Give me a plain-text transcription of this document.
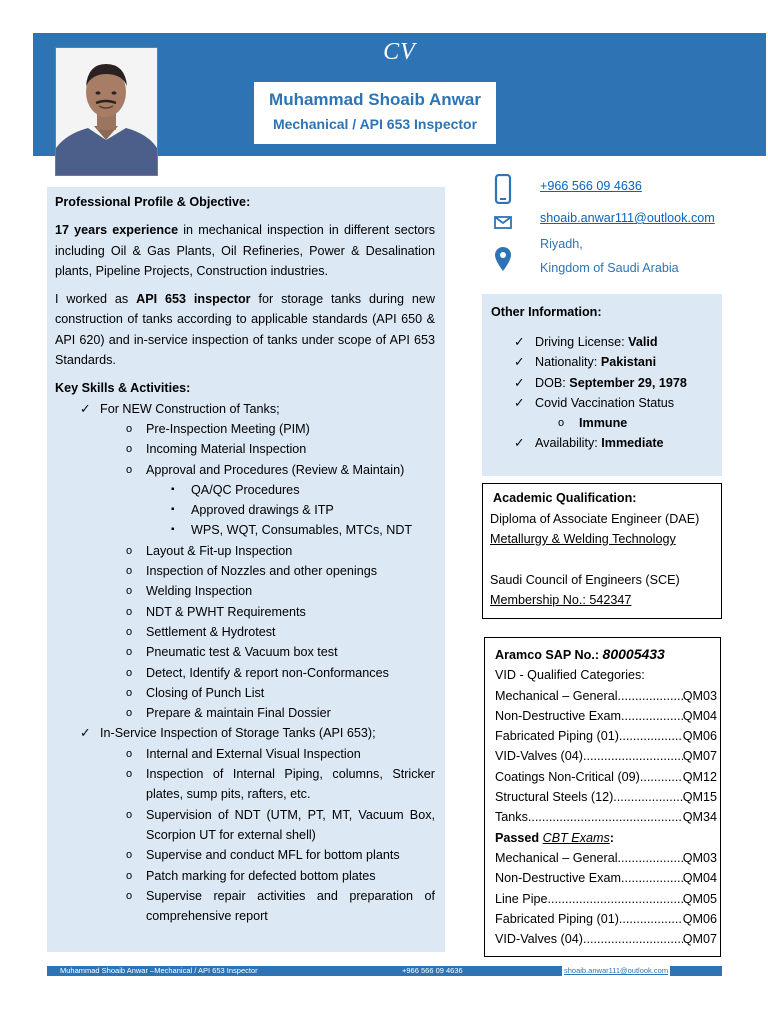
CV
Muhammad Shoaib Anwar
Mechanical / API 653 Inspector

Professional Profile & Objective:

17 years experience in mechanical inspection in different sectors including Oil & Gas Plants, Oil Refineries, Power & Desalination plants, Pipeline Projects, Construction industries.

I worked as API 653 inspector for storage tanks during new construction of tanks according to applicable standards (API 650 & API 620) and in-service inspection of tanks under scope of API 653 Standards.

Key Skills & Activities:

✓ For NEW Construction of Tanks;
o Pre-Inspection Meeting (PIM)
o Incoming Material Inspection
o Approval and Procedures (Review & Maintain)
▪ QA/QC Procedures
▪ Approved drawings & ITP
▪ WPS, WQT, Consumables, MTCs, NDT
o Layout & Fit-up Inspection
o Inspection of Nozzles and other openings
o Welding Inspection
o NDT & PWHT Requirements
o Settlement & Hydrotest
o Pneumatic test & Vacuum box test
o Detect, Identify & report non-Conformances
o Closing of Punch List
o Prepare & maintain Final Dossier
✓ In-Service Inspection of Storage Tanks (API 653);
o Internal and External Visual Inspection
o Inspection of Internal Piping, columns, Stricker plates, sump pits, rafters, etc.
o Supervision of NDT (UTM, PT, MT, Vacuum Box, Scorpion UT for external shell)
o Supervise and conduct MFL for bottom plants
o Patch marking for defected bottom plates
o Supervise repair activities and preparation of comprehensive report
+966 566 09 4636
shoaib.anwar111@outlook.com
Riyadh,
Kingdom of Saudi Arabia
Other Information:
✓ Driving License: Valid
✓ Nationality: Pakistani
✓ DOB: September 29, 1978
✓ Covid Vaccination Status
o Immune
✓ Availability: Immediate
Academic Qualification:
Diploma of Associate Engineer (DAE)
Metallurgy & Welding Technology
Saudi Council of Engineers (SCE)
Membership No.: 542347
Aramco SAP No.: 80005433
VID - Qualified Categories:
Mechanical – General .....	QM03
Non-Destructive Exam .....	QM04
Fabricated Piping (01) .....	QM06
VID-Valves (04) .....	QM07
Coatings Non-Critical (09) .....	QM12
Structural Steels (12) .....	QM15
Tanks .....	QM34
Passed CBT Exams:
Mechanical – General .....	QM03
Non-Destructive Exam .....	QM04
Line Pipe .....	QM05
Fabricated Piping (01) .....	QM06
VID-Valves (04) .....	QM07
Muhammad Shoaib Anwar –Mechanical / API 653 Inspector	+966 566 09 4636	shoaib.anwar111@outlook.com
